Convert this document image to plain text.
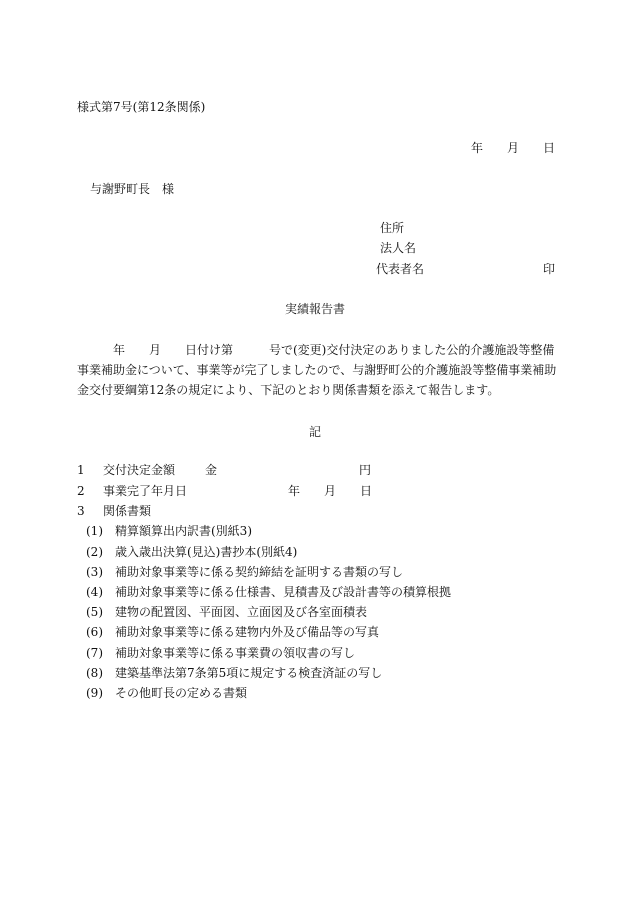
様式第7号(第12条関係)
年　　月　　日
与謝野町長　様
住所
法人名
代表者名	印
実績報告書
年　　月　　日付け第　　　号で(変更)交付決定のありました公的介護施設等整備
事業補助金について、事業等が完了しましたので、与謝野町公的介護施設等整備事業補助
金交付要綱第12条の規定により、下記のとおり関係書類を添えて報告します。
記
1 交付決定金額 金	円
2 事業完了年月日	年　　月　　日
3 関係書類
(1) 精算額算出内訳書(別紙3)
(2) 歳入歳出決算(見込)書抄本(別紙4)
(3) 補助対象事業等に係る契約締結を証明する書類の写し
(4) 補助対象事業等に係る仕様書、見積書及び設計書等の積算根拠
(5) 建物の配置図、平面図、立面図及び各室面積表
(6) 補助対象事業等に係る建物内外及び備品等の写真
(7) 補助対象事業等に係る事業費の領収書の写し
(8) 建築基準法第7条第5項に規定する検査済証の写し
(9) その他町長の定める書類
